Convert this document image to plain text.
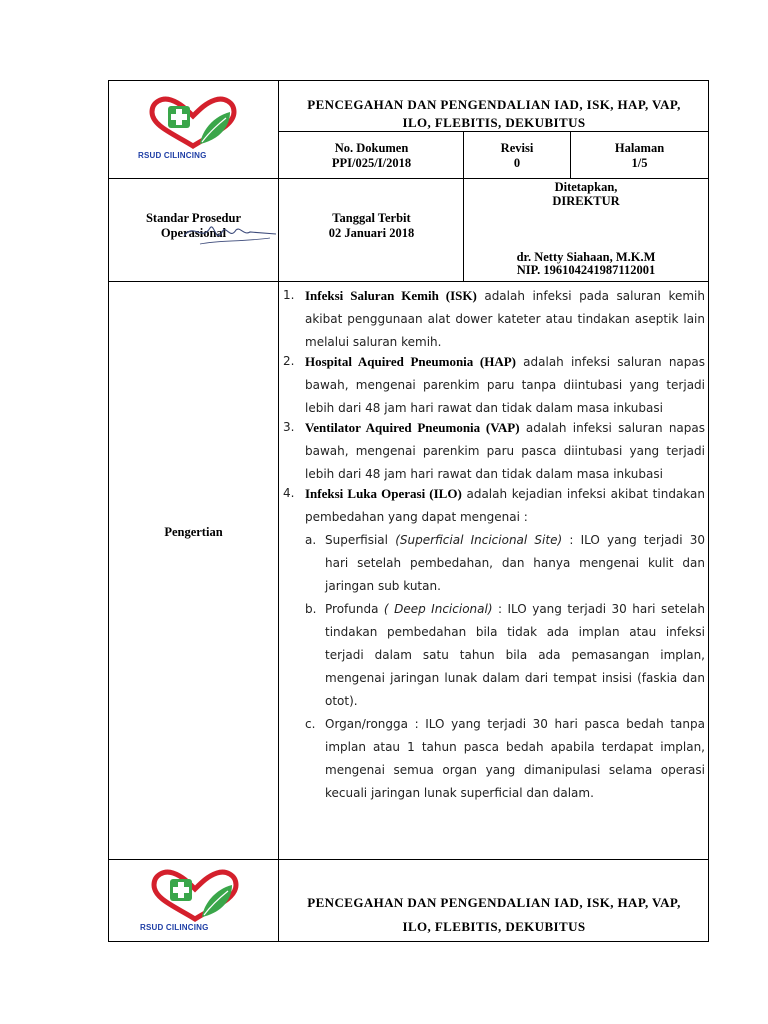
RSUD CILINCING
PENCEGAHAN DAN PENGENDALIAN IAD, ISK, HAP, VAP,
ILO, FLEBITIS, DEKUBITUS
No. Dokumen
PPI/025/I/2018
Revisi
0
Halaman
1/5
Standar Prosedur
Operasional
Tanggal Terbit
02 Januari 2018
Ditetapkan,
DIREKTUR
dr. Netty Siahaan, M.K.M
NIP. 196104241987112001
Pengertian
1. Infeksi Saluran Kemih (ISK) adalah infeksi pada saluran kemih akibat penggunaan alat dower kateter atau tindakan aseptik lain melalui saluran kemih.
2. Hospital Aquired Pneumonia (HAP) adalah infeksi saluran napas bawah, mengenai parenkim paru tanpa diintubasi yang terjadi lebih dari 48 jam hari rawat dan tidak dalam masa inkubasi
3. Ventilator Aquired Pneumonia (VAP) adalah infeksi saluran napas bawah, mengenai parenkim paru pasca diintubasi yang terjadi lebih dari 48 jam hari rawat dan tidak dalam masa inkubasi
4. Infeksi Luka Operasi (ILO) adalah kejadian infeksi akibat tindakan pembedahan yang dapat mengenai :
a. Superfisial (Superficial Incicional Site) : ILO yang terjadi 30 hari setelah pembedahan, dan hanya mengenai kulit dan jaringan sub kutan.
b. Profunda ( Deep Incicional) : ILO yang terjadi 30 hari setelah tindakan pembedahan bila tidak ada implan atau infeksi terjadi dalam satu tahun bila ada pemasangan implan, mengenai jaringan lunak dalam dari tempat insisi (faskia dan otot).
c. Organ/rongga : ILO yang terjadi 30 hari pasca bedah tanpa implan atau 1 tahun pasca bedah apabila terdapat implan, mengenai semua organ yang dimanipulasi selama operasi kecuali jaringan lunak superficial dan dalam.
RSUD CILINCING
PENCEGAHAN DAN PENGENDALIAN IAD, ISK, HAP, VAP,
ILO, FLEBITIS, DEKUBITUS
